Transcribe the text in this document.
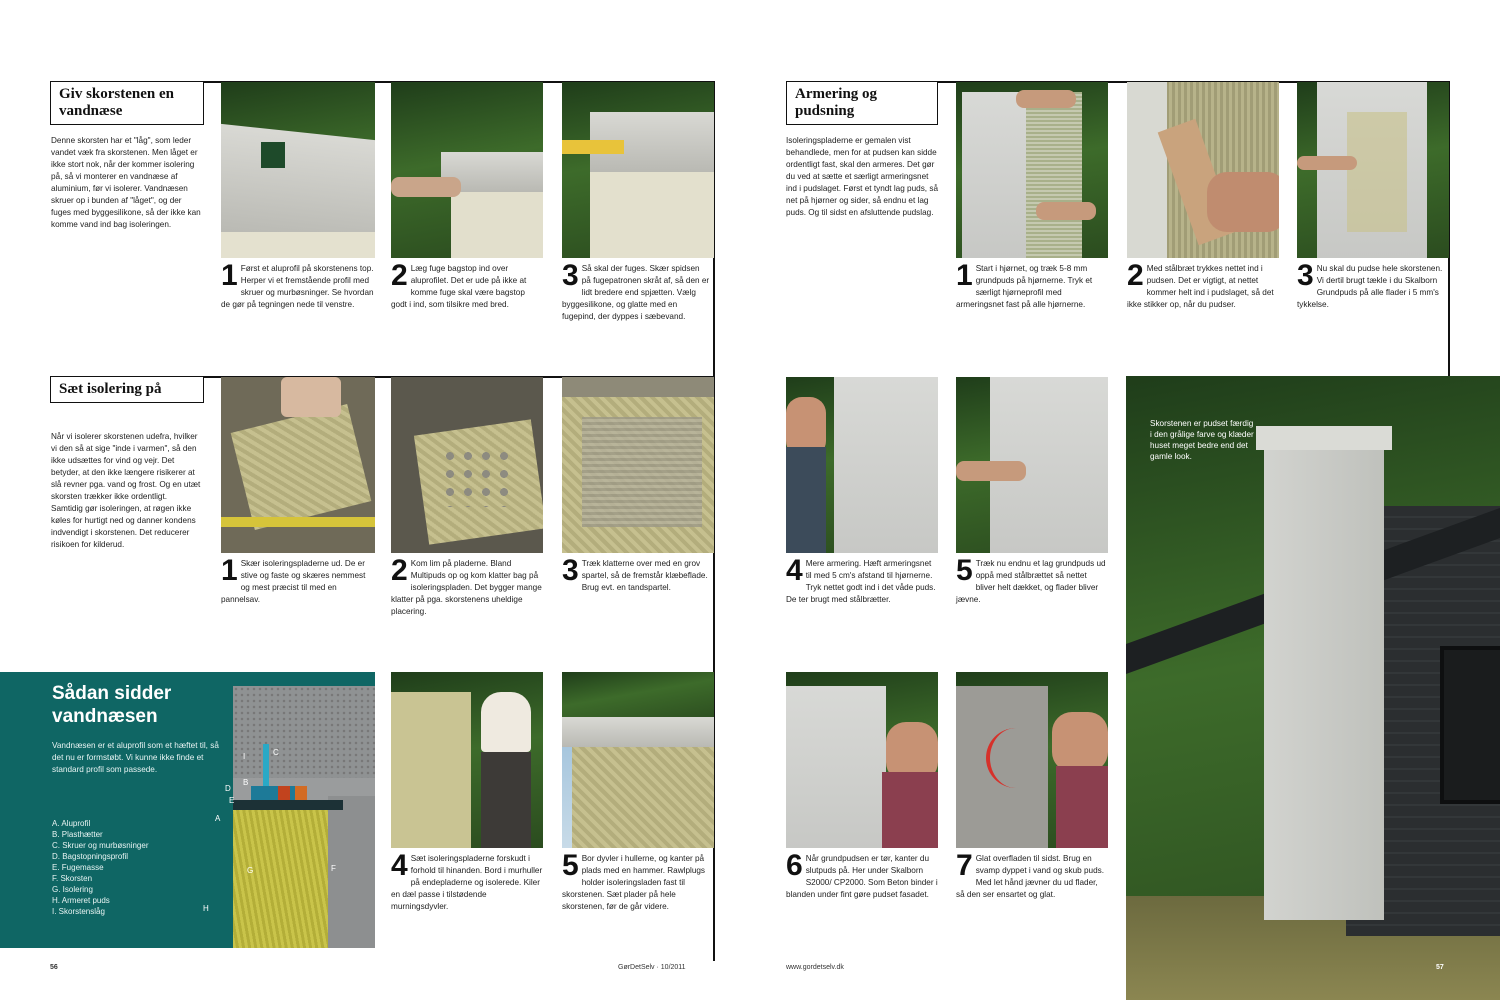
Giv skorstenen en vandnæse
Denne skorsten har et "låg", som leder vandet væk fra skorstenen. Men låget er ikke stort nok, når der kommer isolering på, så vi monterer en vandnæse af aluminium, før vi isolerer. Vandnæsen skruer op i bunden af "låget", og der fuges med byggesilikone, så der ikke kan komme vand ind bag isoleringen.
1 Først et aluprofil på skorstenens top. Herper vi et fremstående profil med skruer og murbøsninger. Se hvordan de gør på tegningen nede til venstre.
2 Læg fuge bagstop ind over aluprofilet. Det er ude på ikke at komme fuge skal være bagstop godt i ind, som tilsikre med bred.
3 Så skal der fuges. Skær spidsen på fugepatronen skråt af, så den er lidt bredere end spjætten. Vælg byggesilikone, og glatte med en fugepind, der dyppes i sæbevand.
Sæt isolering på
Når vi isolerer skorstenen udefra, hvilker vi den så at sige "inde i varmen", så den ikke udsættes for vind og vejr. Det betyder, at den ikke længere risikerer at slå revner pga. vand og frost. Og en utæt skorsten trækker ikke ordentligt. Samtidig gør isoleringen, at røgen ikke køles for hurtigt ned og danner kondens indvendigt i skorstenen. Det reducerer risikoen for kilderud.
1 Skær isoleringspladerne ud. De er stive og faste og skæres nemmest og mest præcist til med en pannelsav.
2 Kom lim på pladerne. Bland Multipuds op og kom klatter bag på isoleringspladen. Det bygger mange klatter på pga. skorstenens uheldige placering.
3 Træk klatterne over med en grov spartel, så de fremstår klæbeflade. Brug evt. en tandspartel.
4 Sæt isoleringspladerne forskudt i forhold til hinanden. Bord i murhuller på endepladerne og isolerede. Kiler en dæl passe i tilstødende murningsdyvler.
5 Bor dyvler i hullerne, og kanter på plads med en hammer. Rawlplugs holder isoleringsladen fast til skorstenen. Sæt plader på hele skorstenen, før de går videre.
Sådan sidder vandnæsen
Vandnæsen er et aluprofil som et hæftet til, så det nu er formstøbt. Vi kunne ikke finde et standard profil som passede.
A. Aluprofil
B. Plasthætter
C. Skruer og murbøsninger
D. Bagstopningsprofil
E. Fugemasse
F. Skorsten
G. Isolering
H. Armeret puds
I. Skorstenslåg
A
B
C
D
E
F
G
H
I
56	GørDetSelv · 10/2011
Armering og pudsning
Isoleringspladerne er gemalen vist behandlede, men for at pudsen kan sidde ordentligt fast, skal den armeres. Det gør du ved at sætte et særligt armeringsnet ind i pudslaget. Først et tyndt lag puds, så net på hjørner og sider, så endnu et lag puds. Og til sidst en afsluttende pudslag.
1 Start i hjørnet, og træk 5-8 mm grundpuds på hjørnerne. Tryk et særligt hjørneprofil med armeringsnet fast på alle hjørnerne.
2 Med stålbræt trykkes nettet ind i pudsen. Det er vigtigt, at nettet kommer helt ind i pudslaget, så det ikke stikker op, når du pudser.
3 Nu skal du pudse hele skorstenen. Vi dertil brugt tækle i du Skalborn Grundpuds på alle flader i 5 mm's tykkelse.
4 Mere armering. Hæft armeringsnet til med 5 cm's afstand til hjørnerne. Tryk nettet godt ind i det våde puds. De ter brugt med stålbrætter.
5 Træk nu endnu et lag grundpuds ud oppå med stålbrættet så nettet bliver helt dækket, og flader bliver jævne.
6 Når grundpudsen er tør, kanter du slutpuds på. Her under Skalborn S2000/ CP2000. Som Beton binder i blanden under fint gøre pudset fasadet.
7 Glat overfladen til sidst. Brug en svamp dyppet i vand og skub puds. Med let hånd jævner du ud flader, så den ser ensartet og glat.
Skorstenen er pudset færdig i den grålige farve og klæder huset meget bedre end det gamle look.
57
www.gordetselv.dk
